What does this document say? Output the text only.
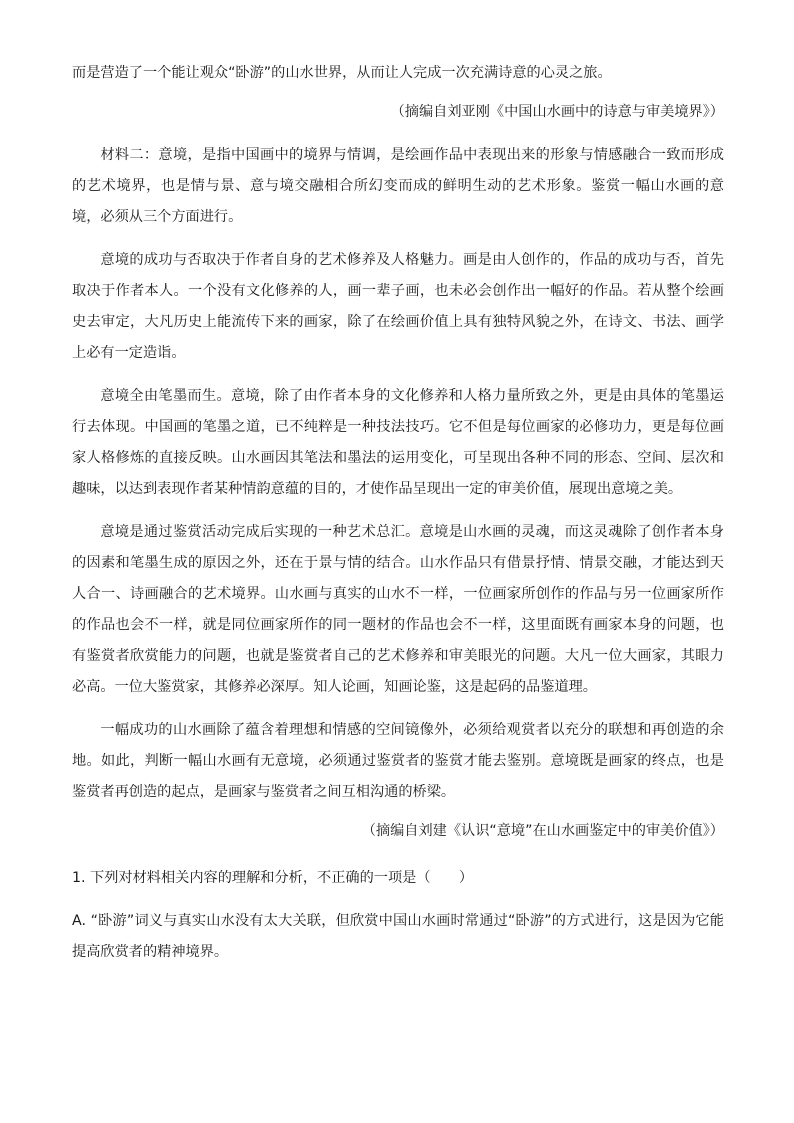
而是营造了一个能让观众“卧游”的山水世界，从而让人完成一次充满诗意的心灵之旅。

（摘编自刘亚刚《中国山水画中的诗意与审美境界》）

材料二：意境，是指中国画中的境界与情调，是绘画作品中表现出来的形象与情感融合一致而形成的艺术境界，也是情与景、意与境交融相合所幻变而成的鲜明生动的艺术形象。鉴赏一幅山水画的意境，必须从三个方面进行。

意境的成功与否取决于作者自身的艺术修养及人格魅力。画是由人创作的，作品的成功与否，首先取决于作者本人。一个没有文化修养的人，画一辈子画，也未必会创作出一幅好的作品。若从整个绘画史去审定，大凡历史上能流传下来的画家，除了在绘画价值上具有独特风貌之外，在诗文、书法、画学上必有一定造诣。

意境全由笔墨而生。意境，除了由作者本身的文化修养和人格力量所致之外，更是由具体的笔墨运行去体现。中国画的笔墨之道，已不纯粹是一种技法技巧。它不但是每位画家的必修功力，更是每位画家人格修炼的直接反映。山水画因其笔法和墨法的运用变化，可呈现出各种不同的形态、空间、层次和趣味，以达到表现作者某种情韵意蕴的目的，才使作品呈现出一定的审美价值，展现出意境之美。

意境是通过鉴赏活动完成后实现的一种艺术总汇。意境是山水画的灵魂，而这灵魂除了创作者本身的因素和笔墨生成的原因之外，还在于景与情的结合。山水作品只有借景抒情、情景交融，才能达到天人合一、诗画融合的艺术境界。山水画与真实的山水不一样，一位画家所创作的作品与另一位画家所作的作品也会不一样，就是同位画家所作的同一题材的作品也会不一样，这里面既有画家本身的问题，也有鉴赏者欣赏能力的问题，也就是鉴赏者自己的艺术修养和审美眼光的问题。大凡一位大画家，其眼力必高。一位大鉴赏家，其修养必深厚。知人论画，知画论鉴，这是起码的品鉴道理。

一幅成功的山水画除了蕴含着理想和情感的空间镜像外，必须给观赏者以充分的联想和再创造的余地。如此，判断一幅山水画有无意境，必须通过鉴赏者的鉴赏才能去鉴别。意境既是画家的终点，也是鉴赏者再创造的起点，是画家与鉴赏者之间互相沟通的桥梁。

（摘编自刘建《认识“意境”在山水画鉴定中的审美价值》）

1. 下列对材料相关内容的理解和分析，不正确的一项是（　　）

A. “卧游”词义与真实山水没有太大关联，但欣赏中国山水画时常通过“卧游”的方式进行，这是因为它能提高欣赏者的精神境界。
